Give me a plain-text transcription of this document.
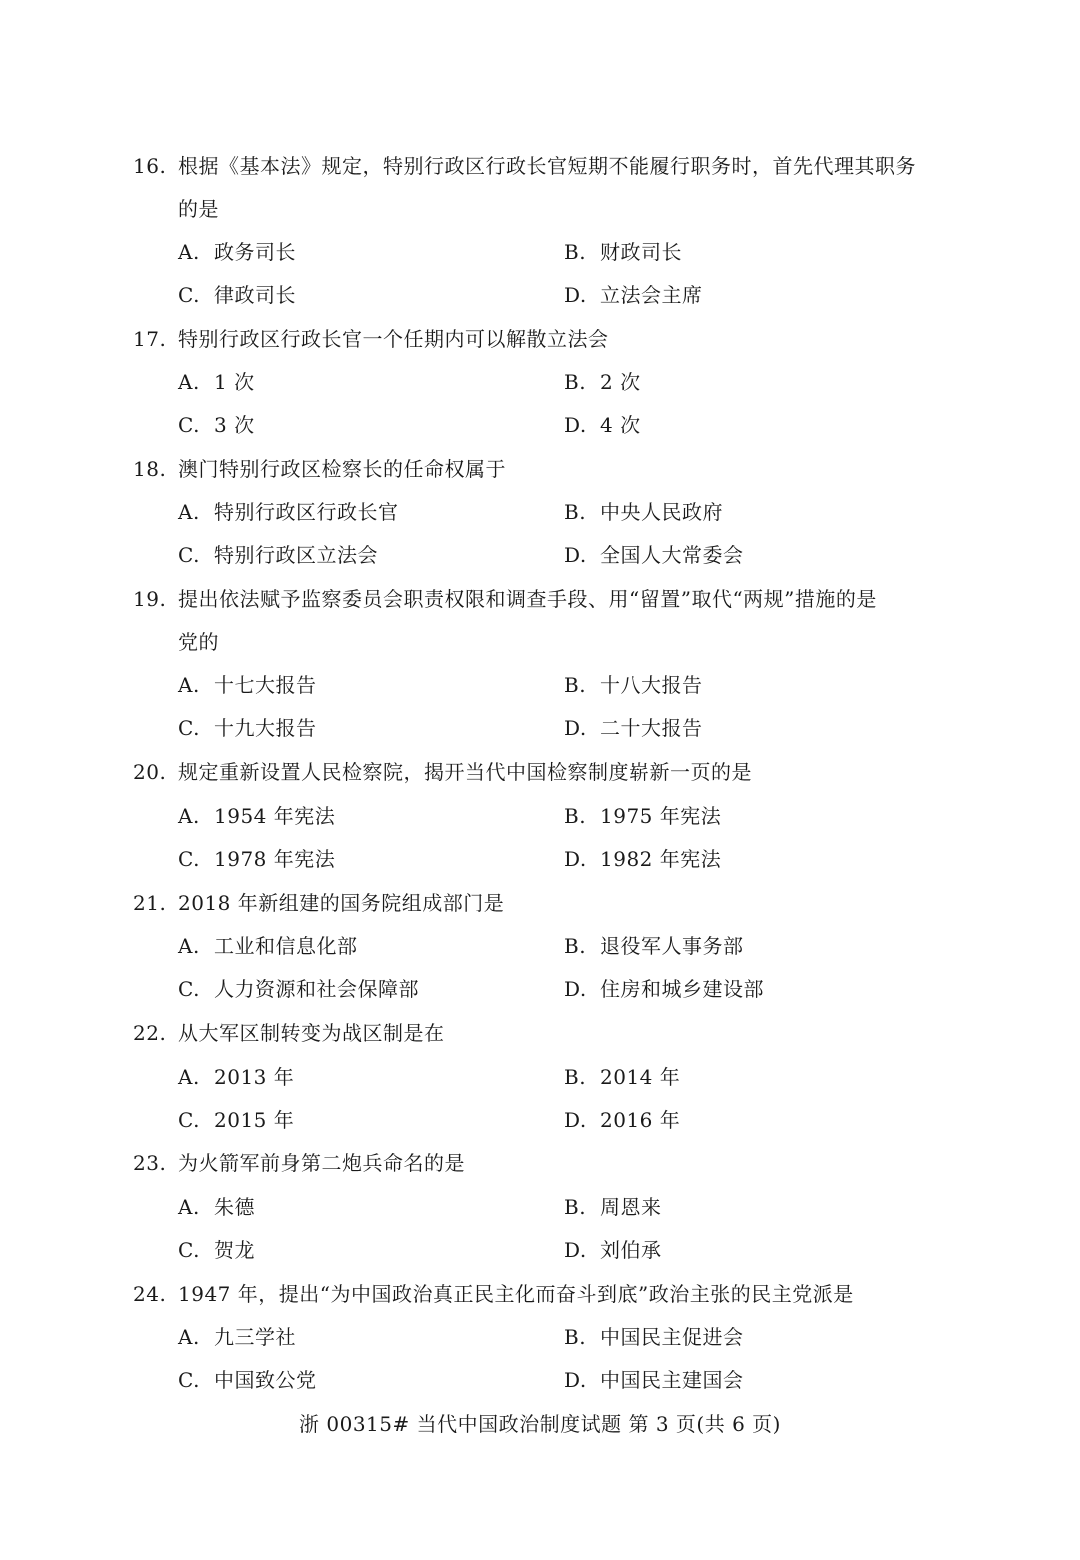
16. 根据《基本法》规定，特别行政区行政长官短期不能履行职务时，首先代理其职务
的是
A. 政务司长	B. 财政司长
C. 律政司长	D. 立法会主席
17. 特别行政区行政长官一个任期内可以解散立法会
A. 1 次	B. 2 次
C. 3 次	D. 4 次
18. 澳门特别行政区检察长的任命权属于
A. 特别行政区行政长官	B. 中央人民政府
C. 特别行政区立法会	D. 全国人大常委会
19. 提出依法赋予监察委员会职责权限和调查手段、用“留置”取代“两规”措施的是
党的
A. 十七大报告	B. 十八大报告
C. 十九大报告	D. 二十大报告
20. 规定重新设置人民检察院，揭开当代中国检察制度崭新一页的是
A. 1954 年宪法	B. 1975 年宪法
C. 1978 年宪法	D. 1982 年宪法
21. 2018 年新组建的国务院组成部门是
A. 工业和信息化部	B. 退役军人事务部
C. 人力资源和社会保障部	D. 住房和城乡建设部
22. 从大军区制转变为战区制是在
A. 2013 年	B. 2014 年
C. 2015 年	D. 2016 年
23. 为火箭军前身第二炮兵命名的是
A. 朱德	B. 周恩来
C. 贺龙	D. 刘伯承
24. 1947 年，提出“为中国政治真正民主化而奋斗到底”政治主张的民主党派是
A. 九三学社	B. 中国民主促进会
C. 中国致公党	D. 中国民主建国会
浙 00315# 当代中国政治制度试题 第 3 页(共 6 页)
